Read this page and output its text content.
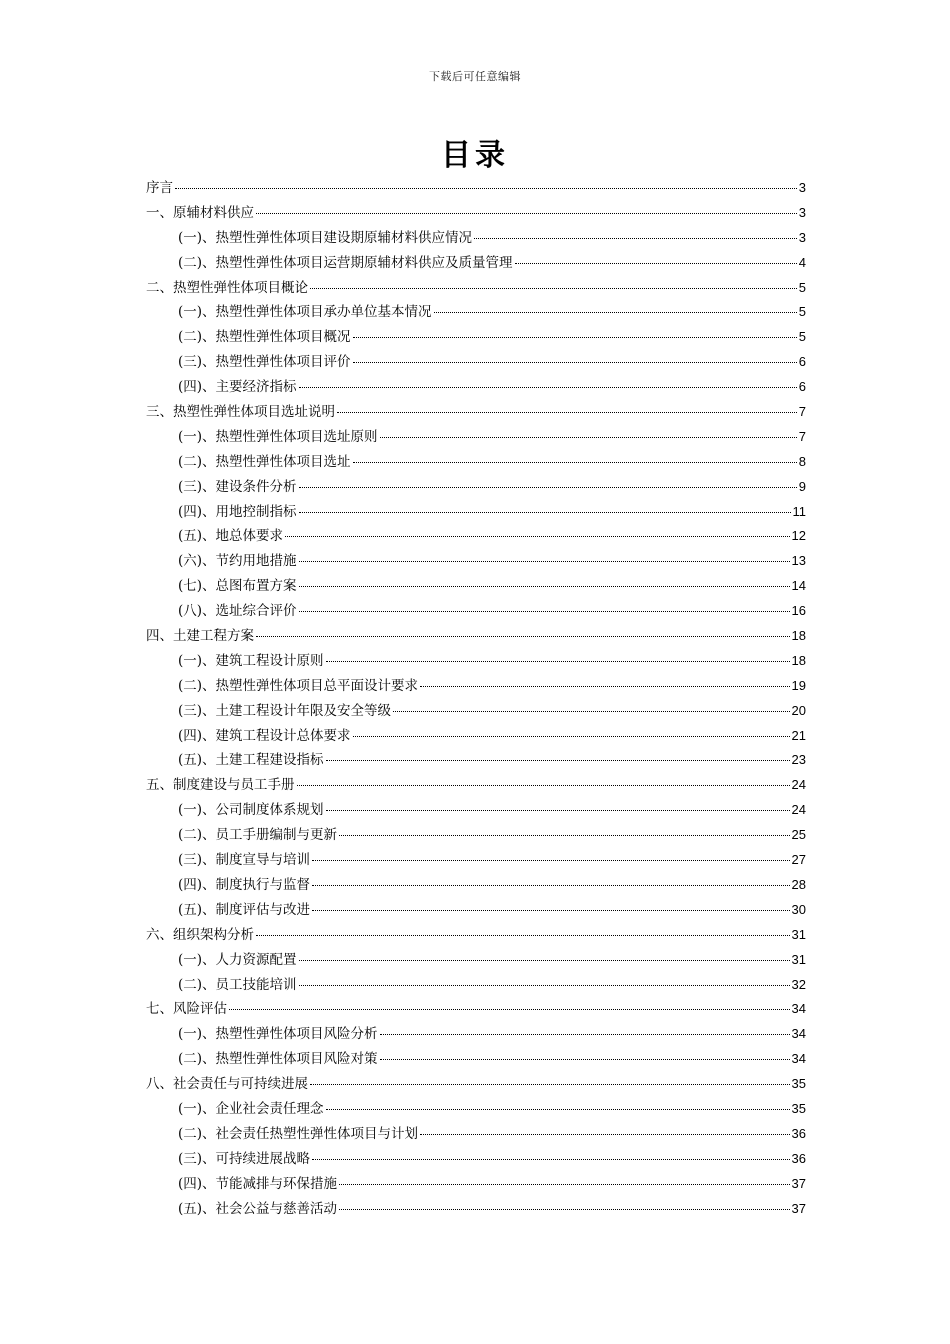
下载后可任意编辑
目录
序言	3
一、原辅材料供应	3
(一)、热塑性弹性体项目建设期原辅材料供应情况	3
(二)、热塑性弹性体项目运营期原辅材料供应及质量管理	4
二、热塑性弹性体项目概论	5
(一)、热塑性弹性体项目承办单位基本情况	5
(二)、热塑性弹性体项目概况	5
(三)、热塑性弹性体项目评价	6
(四)、主要经济指标	6
三、热塑性弹性体项目选址说明	7
(一)、热塑性弹性体项目选址原则	7
(二)、热塑性弹性体项目选址	8
(三)、建设条件分析	9
(四)、用地控制指标	11
(五)、地总体要求	12
(六)、节约用地措施	13
(七)、总图布置方案	14
(八)、选址综合评价	16
四、土建工程方案	18
(一)、建筑工程设计原则	18
(二)、热塑性弹性体项目总平面设计要求	19
(三)、土建工程设计年限及安全等级	20
(四)、建筑工程设计总体要求	21
(五)、土建工程建设指标	23
五、制度建设与员工手册	24
(一)、公司制度体系规划	24
(二)、员工手册编制与更新	25
(三)、制度宣导与培训	27
(四)、制度执行与监督	28
(五)、制度评估与改进	30
六、组织架构分析	31
(一)、人力资源配置	31
(二)、员工技能培训	32
七、风险评估	34
(一)、热塑性弹性体项目风险分析	34
(二)、热塑性弹性体项目风险对策	34
八、社会责任与可持续进展	35
(一)、企业社会责任理念	35
(二)、社会责任热塑性弹性体项目与计划	36
(三)、可持续进展战略	36
(四)、节能减排与环保措施	37
(五)、社会公益与慈善活动	37
